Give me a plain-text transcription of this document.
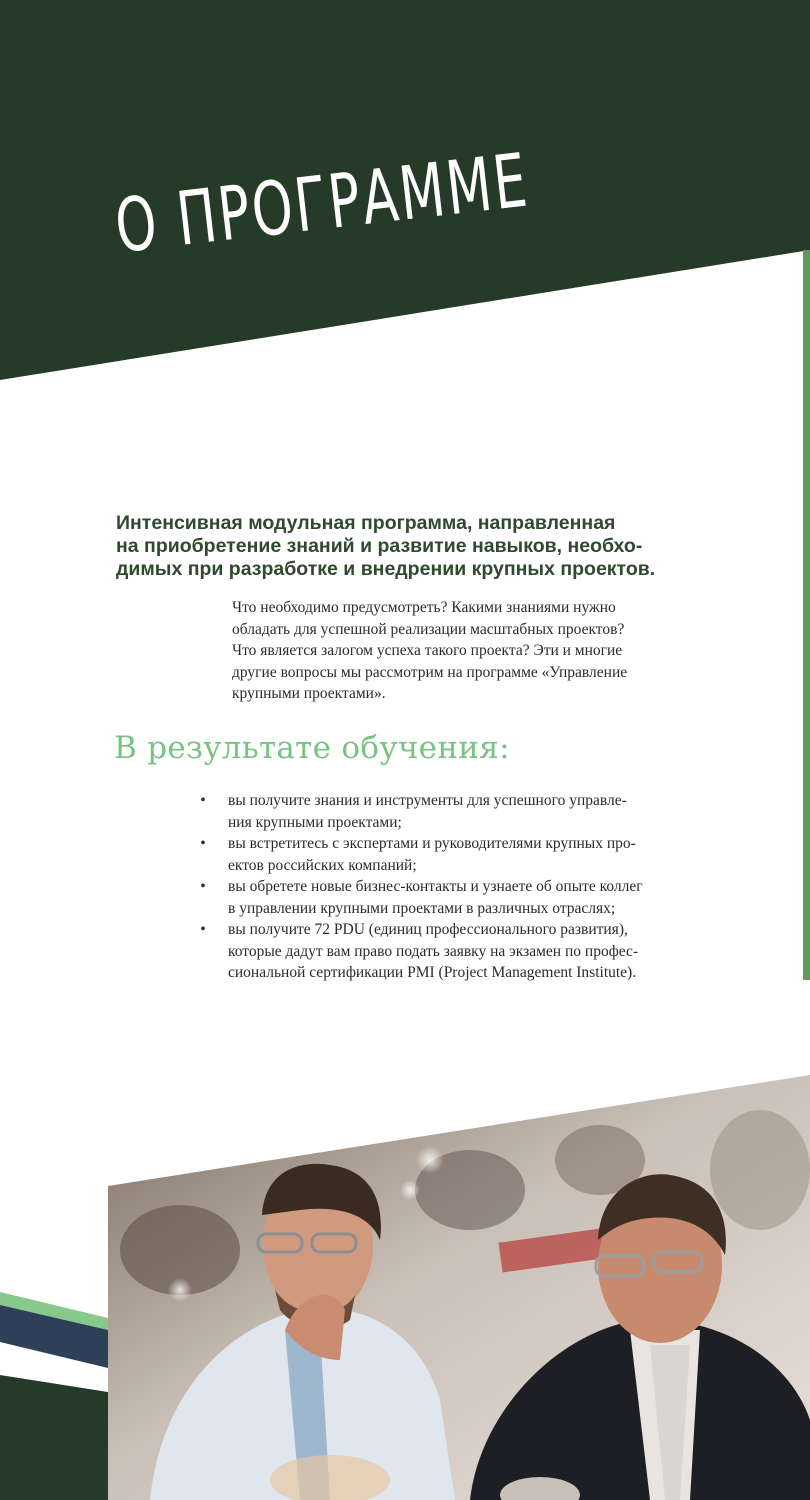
О ПРОГРАММЕ

Интенсивная модульная программа, направленная
на приобретение знаний и развитие навыков, необхо-
димых при разработке и внедрении крупных проектов.

Что необходимо предусмотреть? Какими знаниями нужно
обладать для успешной реализации масштабных проектов?
Что является залогом успеха такого проекта? Эти и многие
другие вопросы мы рассмотрим на программе «Управление
крупными проектами».

В результате обучения:
• вы получите знания и инструменты для успешного управле-
ния крупными проектами;
• вы встретитесь с экспертами и руководителями крупных про-
ектов российских компаний;
• вы обретете новые бизнес-контакты и узнаете об опыте коллег
в управлении крупными проектами в различных отраслях;
• вы получите 72 PDU (единиц профессионального развития),
которые дадут вам право подать заявку на экзамен по профес-
сиональной сертификации PMI (Project Management Institute).
